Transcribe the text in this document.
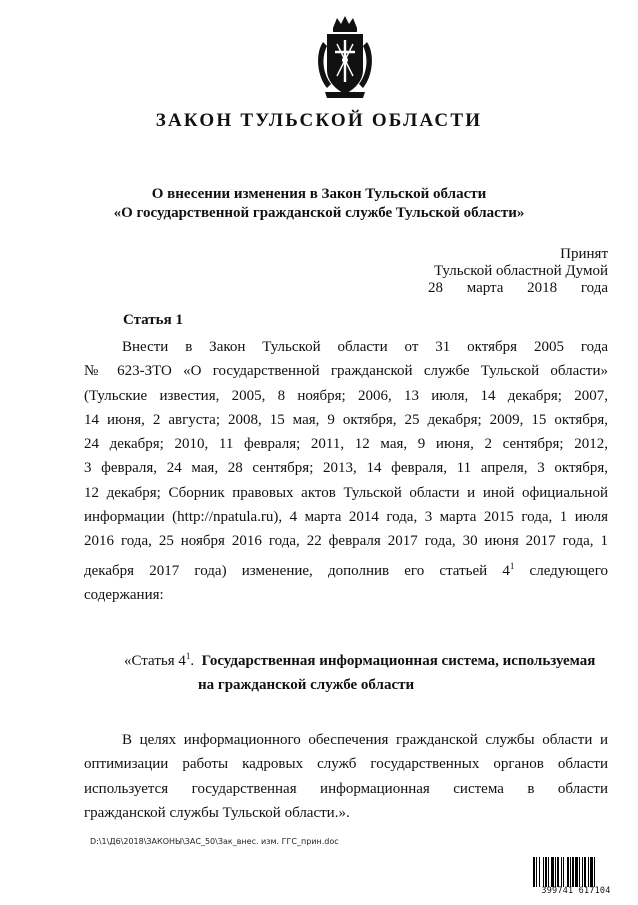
ЗАКОН ТУЛЬСКОЙ ОБЛАСТИ
О внесении изменения в Закон Тульской области
«О государственной гражданской службе Тульской области»
Принят
Тульской областной Думой
28 марта 2018 года
Статья 1
Внести в Закон Тульской области от 31 октября 2005 года
№ 623-ЗТО «О государственной гражданской службе Тульской области»
(Тульские известия, 2005, 8 ноября; 2006, 13 июля, 14 декабря; 2007,
14 июня, 2 августа; 2008, 15 мая, 9 октября, 25 декабря; 2009, 15 октября,
24 декабря; 2010, 11 февраля; 2011, 12 мая, 9 июня, 2 сентября; 2012,
3 февраля, 24 мая, 28 сентября; 2013, 14 февраля, 11 апреля, 3 октября,
12 декабря; Сборник правовых актов Тульской области и иной официальной
информации (http://npatula.ru), 4 марта 2014 года, 3 марта 2015 года, 1 июля
2016 года, 25 ноября 2016 года, 22 февраля 2017 года, 30 июня 2017 года, 1
декабря 2017 года) изменение, дополнив его статьей $4^1$ следующего
содержания:
«Статья $4^1$. Государственная информационная система, используемая
на гражданской службе области
В целях информационного обеспечения гражданской службы области и
оптимизации работы кадровых служб государственных органов области
используется государственная информационная система в области
гражданской службы Тульской области.».
D:\1\Д6\2018\ЗАКОНЫ\ЗАС_50\Зак_внес. изм. ГГС_прин.doc
399741 617104
